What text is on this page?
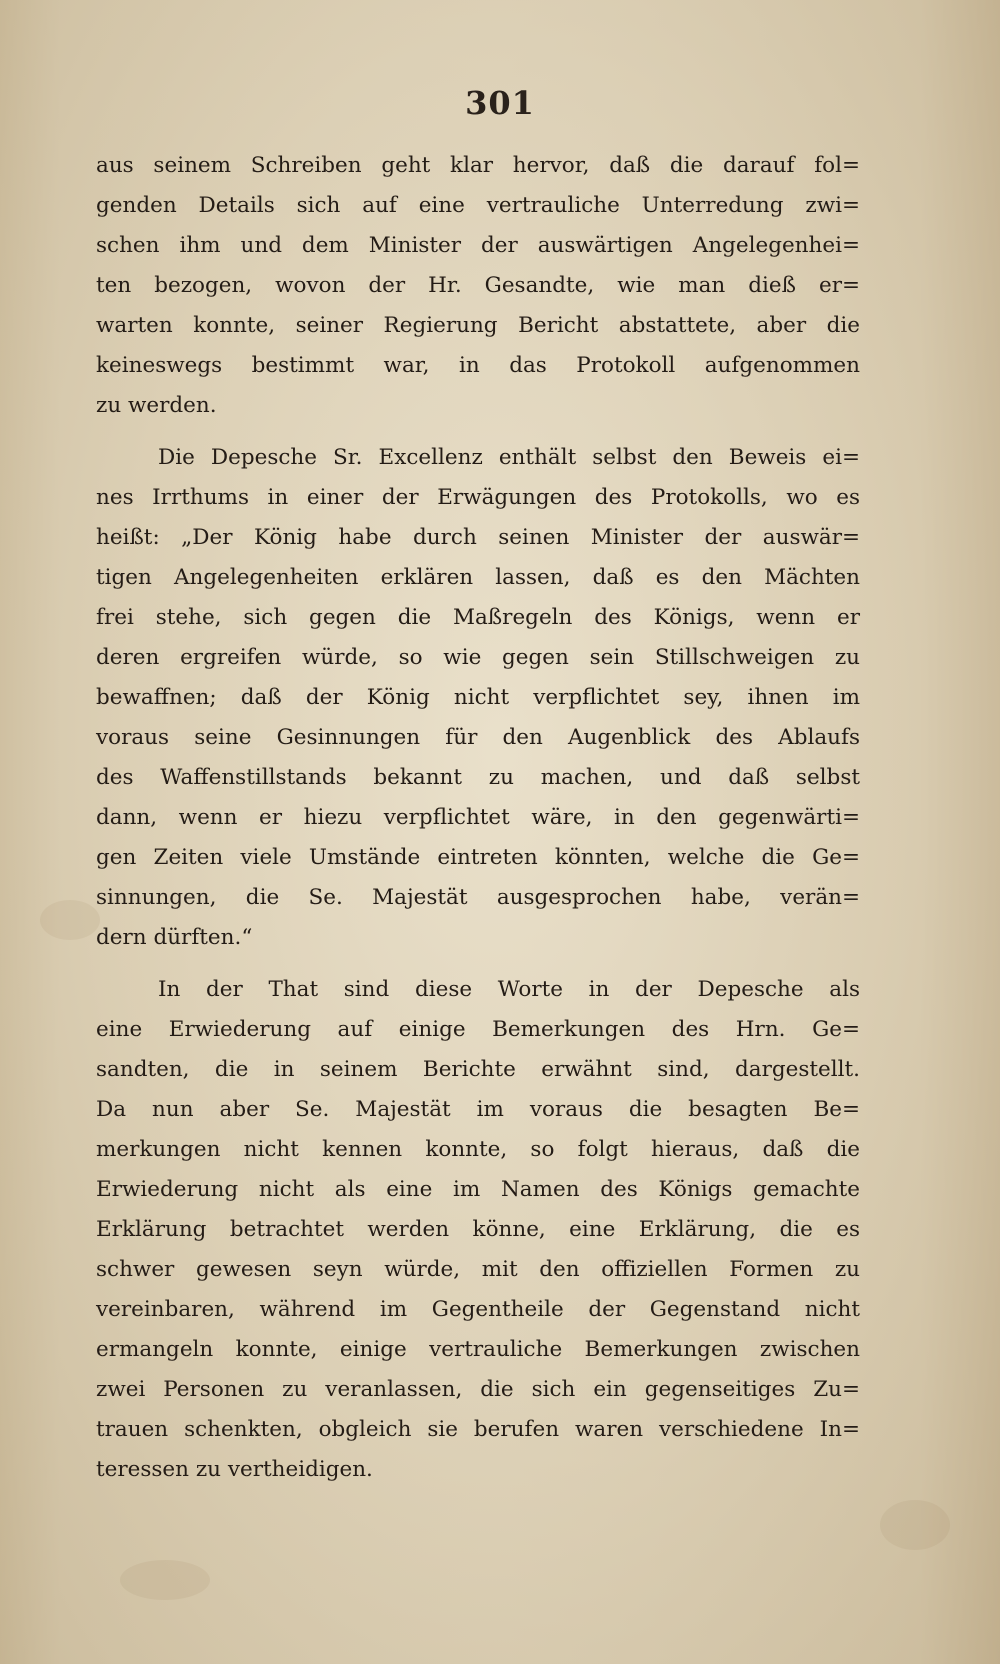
301
aus seinem Schreiben geht klar hervor, daß die darauf fol=
genden Details sich auf eine vertrauliche Unterredung zwi=
schen ihm und dem Minister der auswärtigen Angelegenhei=
ten bezogen, wovon der Hr. Gesandte, wie man dieß er=
warten konnte, seiner Regierung Bericht abstattete, aber die
keineswegs bestimmt war, in das Protokoll aufgenommen
zu werden.
Die Depesche Sr. Excellenz enthält selbst den Beweis ei=
nes Irrthums in einer der Erwägungen des Protokolls, wo es
heißt: „Der König habe durch seinen Minister der auswär=
tigen Angelegenheiten erklären lassen, daß es den Mächten
frei stehe, sich gegen die Maßregeln des Königs, wenn er
deren ergreifen würde, so wie gegen sein Stillschweigen zu
bewaffnen; daß der König nicht verpflichtet sey, ihnen im
voraus seine Gesinnungen für den Augenblick des Ablaufs
des Waffenstillstands bekannt zu machen, und daß selbst
dann, wenn er hiezu verpflichtet wäre, in den gegenwärti=
gen Zeiten viele Umstände eintreten könnten, welche die Ge=
sinnungen, die Se. Majestät ausgesprochen habe, verän=
dern dürften.“
In der That sind diese Worte in der Depesche als
eine Erwiederung auf einige Bemerkungen des Hrn. Ge=
sandten, die in seinem Berichte erwähnt sind, dargestellt.
Da nun aber Se. Majestät im voraus die besagten Be=
merkungen nicht kennen konnte, so folgt hieraus, daß die
Erwiederung nicht als eine im Namen des Königs gemachte
Erklärung betrachtet werden könne, eine Erklärung, die es
schwer gewesen seyn würde, mit den offiziellen Formen zu
vereinbaren, während im Gegentheile der Gegenstand nicht
ermangeln konnte, einige vertrauliche Bemerkungen zwischen
zwei Personen zu veranlassen, die sich ein gegenseitiges Zu=
trauen schenkten, obgleich sie berufen waren verschiedene In=
teressen zu vertheidigen.
